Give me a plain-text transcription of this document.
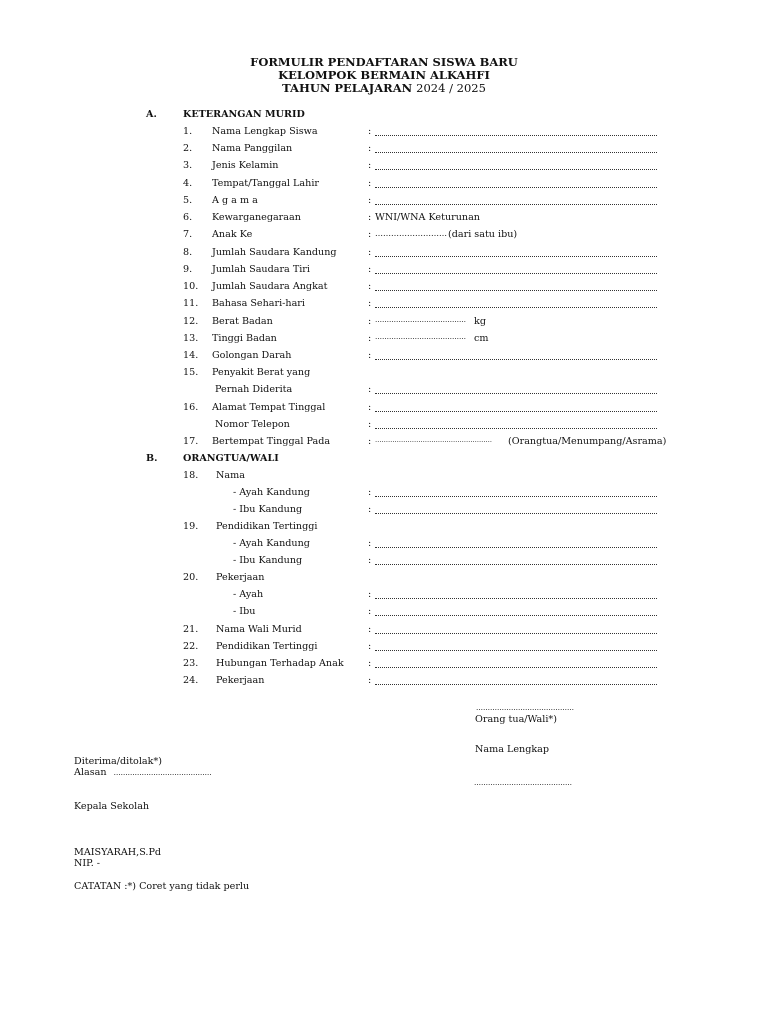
FORMULIR PENDAFTARAN SISWA BARU
KELOMPOK BERMAIN ALKAHFI
TAHUN PELAJARAN 2024 / 2025
A.	KETERANGAN MURID
1. Nama Lengkap Siswa	:
2. Nama Panggilan	:
3. Jenis Kelamin	:
4. Tempat/Tanggal Lahir	:
5. A g a m a	:
6. Kewarganegaraan	: WNI/WNA Keturunan
7. Anak Ke	: ……………………… (dari satu ibu)
8. Jumlah Saudara Kandung	:
9. Jumlah Saudara Tiri	:
10. Jumlah Saudara Angkat	:
11. Bahasa Sehari-hari	:
12. Berat Badan	: ………………………………… kg
13. Tinggi Badan	: ………………………………… cm
14. Golongan Darah	:
15. Penyakit Berat yang
Pernah Diderita	:
16. Alamat Tempat Tinggal	:
Nomor Telepon	:
17. Bertempat Tinggal Pada	: ……………………………………………… (Orangtua/Menumpang/Asrama)
B.	ORANGTUA/WALI
18. Nama
- Ayah Kandung	:
- Ibu Kandung	:
19. Pendidikan Tertinggi
- Ayah Kandung	:
- Ibu Kandung	:
20. Pekerjaan
- Ayah	:
- Ibu	:
21. Nama Wali Murid	:
22. Pendidikan Tertinggi	:
23. Hubungan Terhadap Anak	:
24. Pekerjaan	:
……………………………………
Orang tua/Wali*)
Nama Lengkap
……………………………………
Diterima/ditolak*)
Alasan ……………………………………
Kepala Sekolah
MAISYARAH,S.Pd
NIP. -
CATATAN :*) Coret yang tidak perlu
